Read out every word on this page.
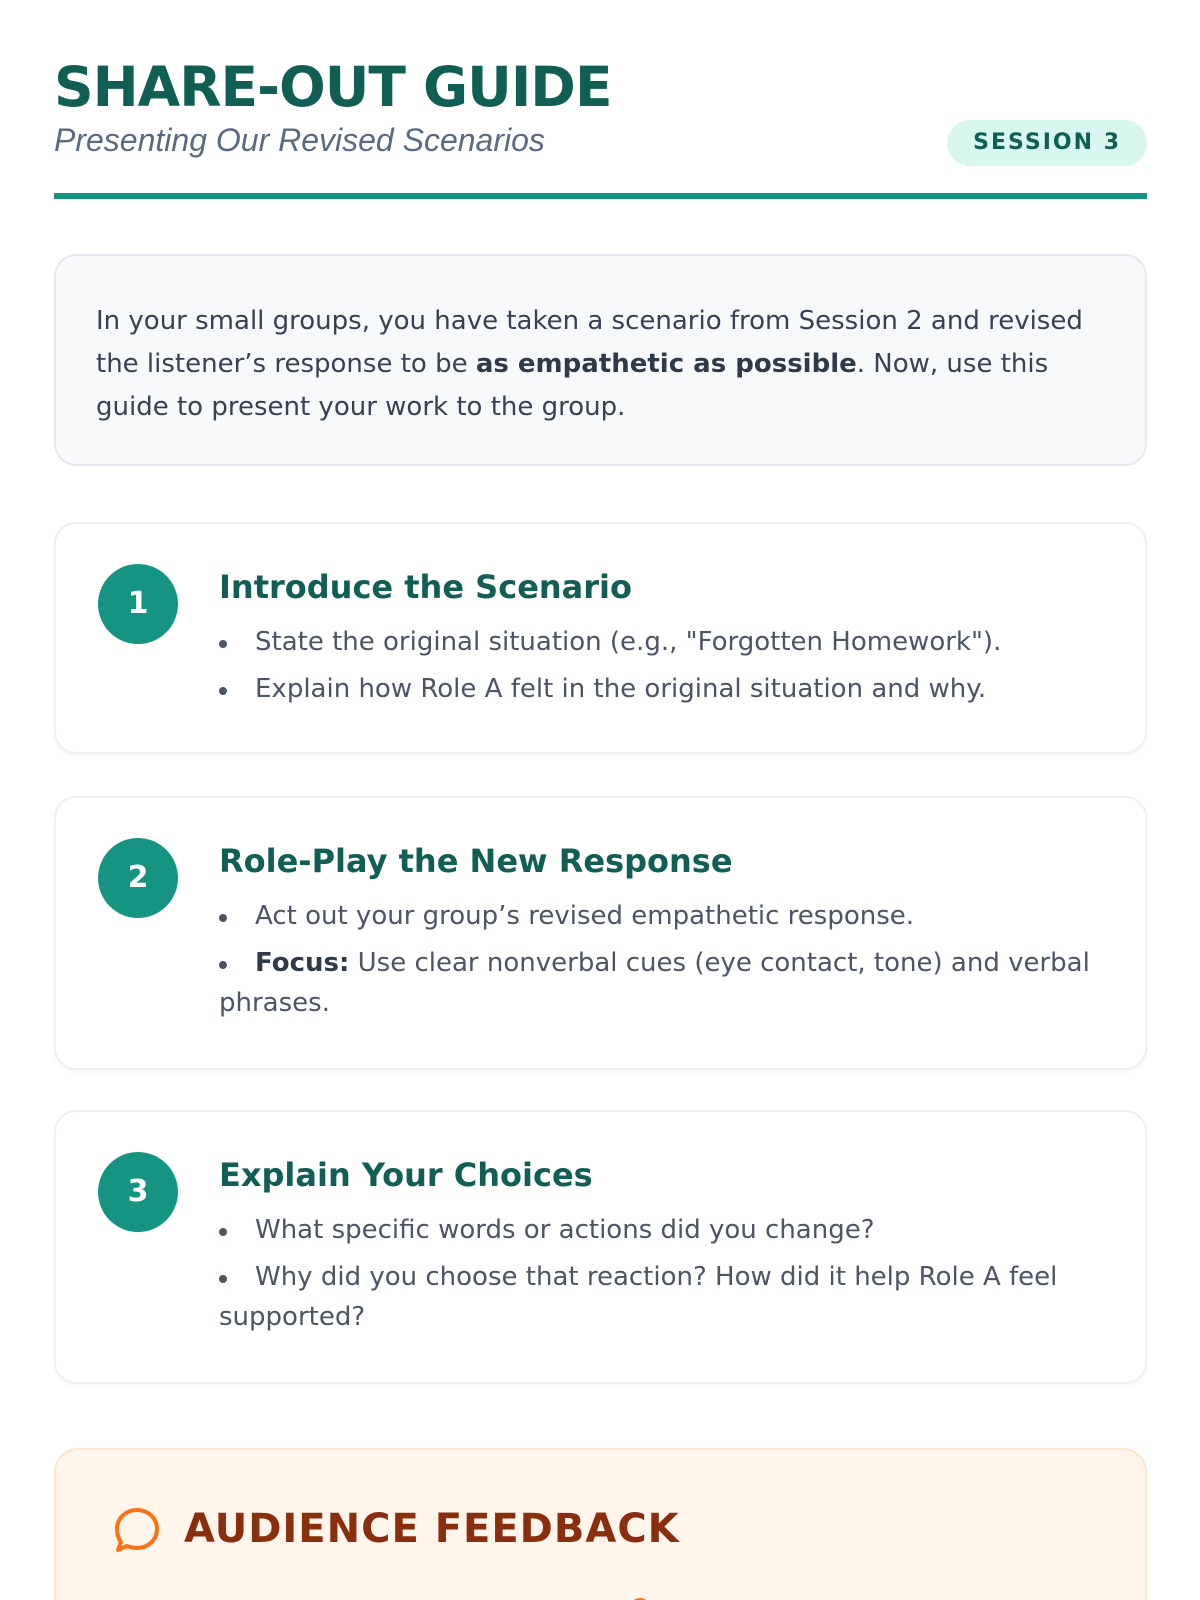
SHARE-OUT GUIDE
Presenting Our Revised Scenarios	SESSION 3
In your small groups, you have taken a scenario from Session 2 and revised the listener’s response to be as empathetic as possible. Now, use this guide to present your work to the group.
1	Introduce the Scenario
State the original situation (e.g., "Forgotten Homework").
Explain how Role A felt in the original situation and why.
2	Role-Play the New Response
Act out your group’s revised empathetic response.
Focus: Use clear nonverbal cues (eye contact, tone) and verbal phrases.
3	Explain Your Choices
What specific words or actions did you change?
Why did you choose that reaction? How did it help Role A feel supported?
AUDIENCE FEEDBACK
